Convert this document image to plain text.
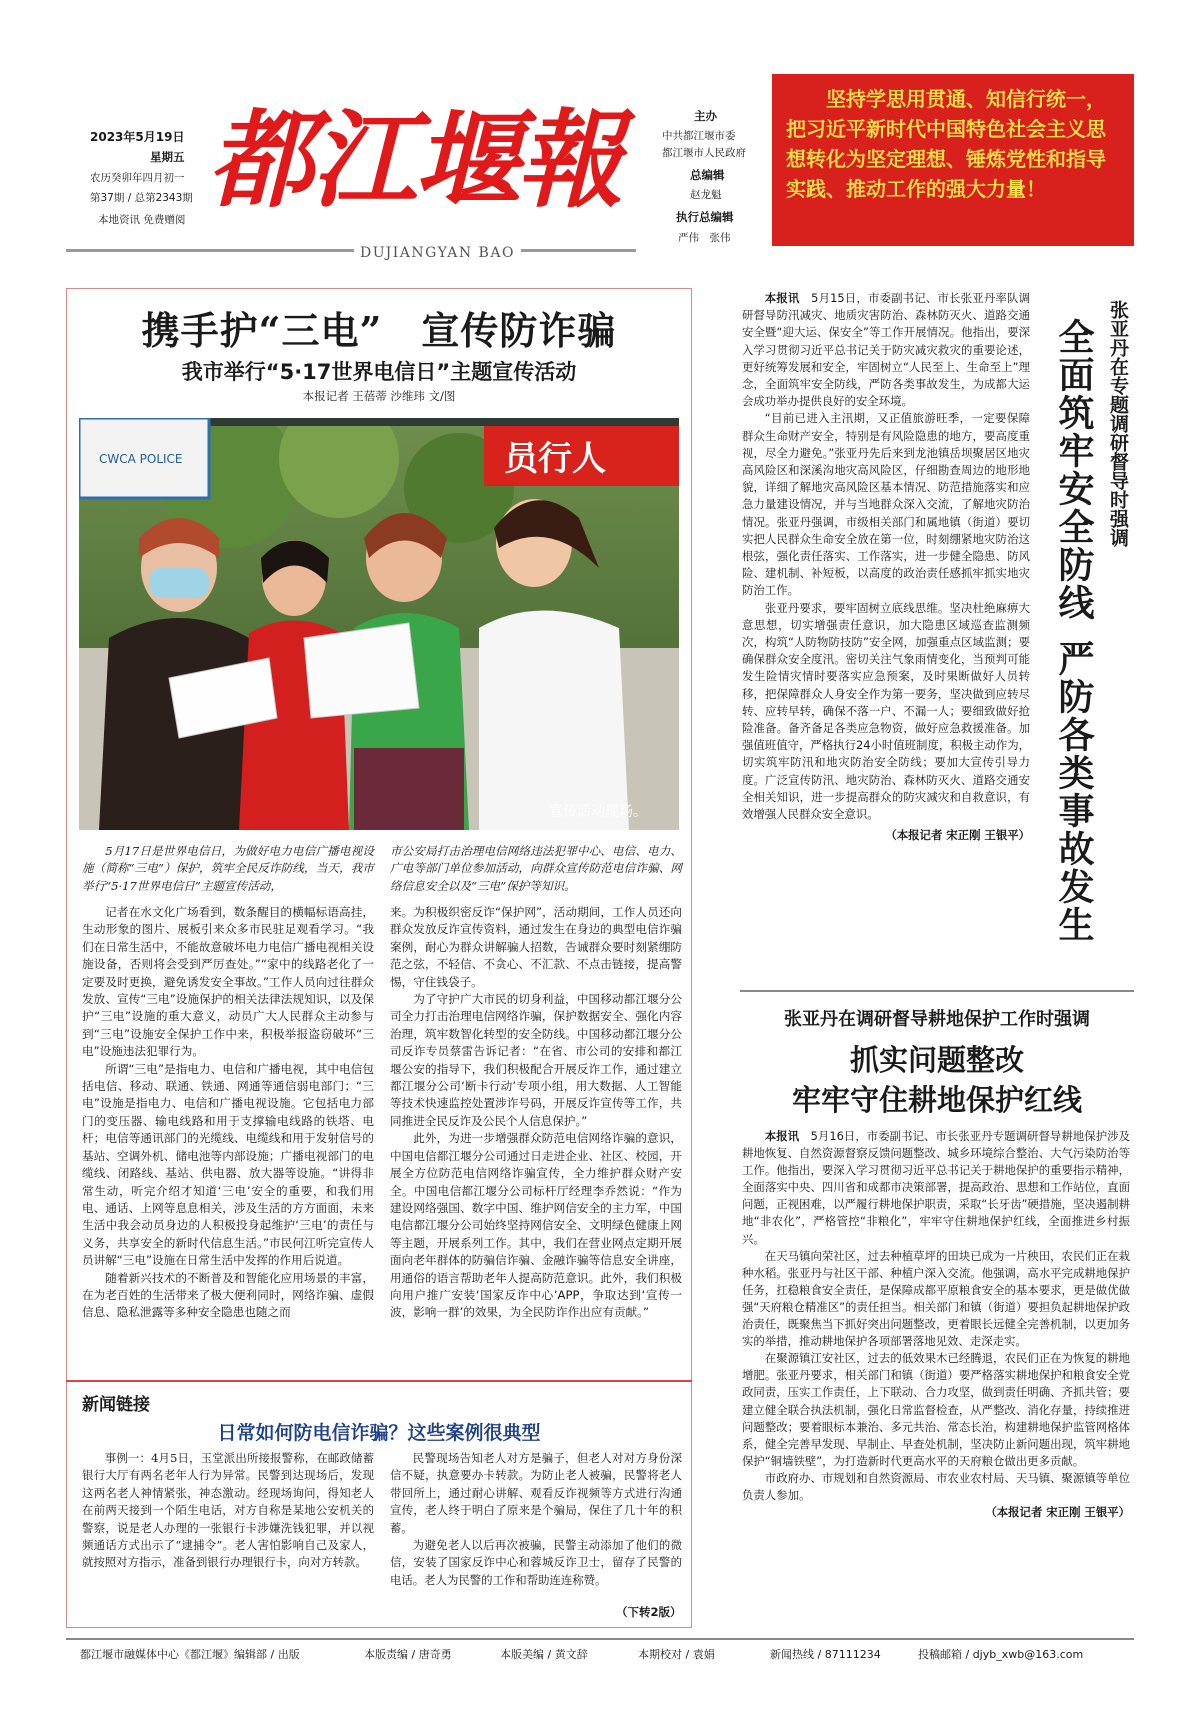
2023年5月19日
星期五
农历癸卯年四月初一
第37期 / 总第2343期
本地资讯 免费赠阅 都江堰報
DUJIANGYAN BAO
主办
中共都江堰市委
都江堰市人民政府
总编辑
赵龙魁
执行总编辑
严伟　张伟
坚持学思用贯通、知信行统一，把习近平新时代中国特色社会主义思想转化为坚定理想、锤炼党性和指导实践、推动工作的强大力量！
携手护“三电”　宣传防诈骗
我市举行“5·17世界电信日”主题宣传活动
本报记者 王蓓蒂 沙维玮 文/图
CWCA POLICE	员行人
宣传活动现场。

5月17日是世界电信日，为做好电力电信广播电视设施（简称“三电”）保护，筑牢全民反诈防线，当天，我市举行“5·17世界电信日”主题宣传活动，

市公安局打击治理电信网络违法犯罪中心、电信、电力、广电等部门单位参加活动，向群众宣传防范电信诈骗、网络信息安全以及“三电”保护等知识。

记者在水文化广场看到，数条醒目的横幅标语高挂，生动形象的图片、展板引来众多市民驻足观看学习。“我们在日常生活中，不能故意破坏电力电信广播电视相关设施设备，否则将会受到严厉查处。”“家中的线路老化了一定要及时更换，避免诱发安全事故。”工作人员向过往群众发放、宣传“三电”设施保护的相关法律法规知识，以及保护“三电”设施的重大意义，动员广大人民群众主动参与到“三电”设施安全保护工作中来，积极举报盗窃破坏“三电”设施违法犯罪行为。

所谓“三电”是指电力、电信和广播电视，其中电信包括电信、移动、联通、铁通、网通等通信弱电部门；“三电”设施是指电力、电信和广播电视设施。它包括电力部门的变压器、输电线路和用于支撑输电线路的铁塔、电杆；电信等通讯部门的光缆线、电缆线和用于发射信号的基站、空调外机、储电池等内部设施；广播电视部门的电缆线、闭路线、基站、供电器、放大器等设施。“讲得非常生动，听完介绍才知道‘三电’安全的重要，和我们用电、通话、上网等息息相关，涉及生活的方方面面，未来生活中我会动员身边的人积极投身起维护‘三电’的责任与义务，共享安全的新时代信息生活。”市民何江听完宣传人员讲解“三电”设施在日常生活中发挥的作用后说道。

随着新兴技术的不断普及和智能化应用场景的丰富，在为老百姓的生活带来了极大便利同时，网络诈骗、虚假信息、隐私泄露等多种安全隐患也随之而

来。为积极织密反诈“保护网”，活动期间，工作人员还向群众发放反诈宣传资料，通过发生在身边的典型电信诈骗案例，耐心为群众讲解骗人招数，告诫群众要时刻紧绷防范之弦，不轻信、不贪心、不汇款、不点击链接，提高警惕，守住钱袋子。

为了守护广大市民的切身利益，中国移动都江堰分公司全力打击治理电信网络诈骗，保护数据安全、强化内容治理，筑牢数智化转型的安全防线。中国移动都江堰分公司反诈专员蔡雷告诉记者：“在省、市公司的安排和都江堰公安的指导下，我们积极配合开展反诈工作，通过建立都江堰分公司‘断卡行动’专项小组，用大数据、人工智能等技术快速监控处置涉诈号码，开展反诈宣传等工作，共同推进全民反诈及公民个人信息保护。”

此外，为进一步增强群众防范电信网络诈骗的意识，中国电信都江堰分公司通过日走进企业、社区、校园，开展全方位防范电信网络诈骗宣传，全力维护群众财产安全。中国电信都江堰分公司标杆厅经理李乔然说：“作为建设网络强国、数字中国、维护网信安全的主力军，中国电信都江堰分公司始终坚持网信安全、文明绿色健康上网等主题，开展系列工作。其中，我们在营业网点定期开展面向老年群体的防骗信诈骗、金融诈骗等信息安全讲座，用通俗的语言帮助老年人提高防范意识。此外，我们积极向用户推广安装‘国家反诈中心’APP，争取达到‘宣传一波，影响一群’的效果，为全民防诈作出应有贡献。”

新闻链接
日常如何防电信诈骗？这些案例很典型

事例一：4月5日，玉堂派出所接报警称，在邮政储蓄银行大厅有两名老年人行为异常。民警到达现场后，发现这两名老人神情紧张，神态激动。经现场询问，得知老人在前两天接到一个陌生电话，对方自称是某地公安机关的警察，说是老人办理的一张银行卡涉嫌洗钱犯罪，并以视频通话方式出示了“逮捕令”。老人害怕影响自己及家人，就按照对方指示，准备到银行办理银行卡，向对方转款。

民警现场告知老人对方是骗子，但老人对对方身份深信不疑，执意要办卡转款。为防止老人被骗，民警将老人带回所上，通过耐心讲解、观看反诈视频等方式进行沟通宣传，老人终于明白了原来是个骗局，保住了几十年的积蓄。

为避免老人以后再次被骗，民警主动添加了他们的微信，安装了国家反诈中心和蓉城反诈卫士，留存了民警的电话。老人为民警的工作和帮助连连称赞。

（下转2版）

本报讯　 5月15日，市委副书记、市长张亚丹率队调研督导防汛减灾、地质灾害防治、森林防灭火、道路交通安全暨“迎大运、保安全”等工作开展情况。他指出，要深入学习贯彻习近平总书记关于防灾减灾救灾的重要论述，更好统筹发展和安全，牢固树立“人民至上、生命至上”理念，全面筑牢安全防线，严防各类事故发生，为成都大运会成功举办提供良好的安全环境。

“目前已进入主汛期，又正值旅游旺季，一定要保障群众生命财产安全，特别是有风险隐患的地方，要高度重视，尽全力避免。”张亚丹先后来到龙池镇岳坝聚居区地灾高风险区和深溪沟地灾高风险区，仔细勘查周边的地形地貌，详细了解地灾高风险区基本情况、防范措施落实和应急力量建设情况，并与当地群众深入交流，了解地灾防治情况。张亚丹强调，市级相关部门和属地镇（街道）要切实把人民群众生命安全放在第一位，时刻绷紧地灾防治这根弦，强化责任落实、工作落实，进一步健全隐患、防风险、建机制、补短板，以高度的政治责任感抓牢抓实地灾防治工作。

张亚丹要求，要牢固树立底线思维。坚决杜绝麻痹大意思想，切实增强责任意识，加大隐患区域巡查监测频次，构筑“人防物防技防”安全网，加强重点区域监测；要确保群众安全度汛。密切关注气象雨情变化，当预判可能发生险情灾情时要落实应急预案，及时果断做好人员转移，把保障群众人身安全作为第一要务，坚决做到应转尽转、应转早转，确保不落一户、不漏一人；要细致做好抢险准备。备齐备足各类应急物资，做好应急救援准备。加强值班值守，严格执行24小时值班制度，积极主动作为，切实筑牢防汛和地灾防治安全防线；要加大宣传引导力度。广泛宣传防汛、地灾防治、森林防灭火、道路交通安全相关知识，进一步提高群众的防灾减灾和自救意识，有效增强人民群众安全意识。

（本报记者 宋正刚 王银平）

张亚丹在专题调研督导时强调
全面筑牢安全防线
严防各类事故发生
张亚丹在调研督导耕地保护工作时强调
抓实问题整改
牢牢守住耕地保护红线

本报讯　 5月16日，市委副书记、市长张亚丹专题调研督导耕地保护涉及耕地恢复、自然资源督察反馈问题整改、城乡环境综合整治、大气污染防治等工作。他指出，要深入学习贯彻习近平总书记关于耕地保护的重要指示精神，全面落实中央、四川省和成都市决策部署，提高政治、思想和工作站位，直面问题，正视困难，以严履行耕地保护职责，采取“长牙齿”硬措施，坚决遏制耕地“非农化”，严格管控“非粮化”，牢牢守住耕地保护红线，全面推进乡村振兴。

在天马镇向荣社区，过去种植草坪的田块已成为一片秧田，农民们正在栽种水稻。张亚丹与社区干部、种植户深入交流。他强调，高水平完成耕地保护任务，扛稳粮食安全责任，是保障成都平原粮食安全的基本要求，更是做优做强“天府粮仓精准区”的责任担当。相关部门和镇（街道）要担负起耕地保护政治责任，既聚焦当下抓好突出问题整改，更着眼长远健全完善机制，以更加务实的举措，推动耕地保护各项部署落地见效、走深走实。

在聚源镇江安社区，过去的低效果木已经腾退，农民们正在为恢复的耕地增肥。张亚丹要求，相关部门和镇（街道）要严格落实耕地保护和粮食安全党政同责，压实工作责任，上下联动、合力攻坚，做到责任明确、齐抓共管；要建立健全联合执法机制，强化日常监督检查，从严整改、消化存量，持续推进问题整改；要着眼标本兼治、多元共治、常态长治，构建耕地保护监管网格体系，健全完善早发现、早制止、早查处机制，坚决防止新问题出现，筑牢耕地保护“铜墙铁壁”，为打造新时代更高水平的天府粮仓做出更多贡献。

市政府办、市规划和自然资源局、市农业农村局、天马镇、聚源镇等单位负责人参加。

（本报记者 宋正刚 王银平）

都江堰市融媒体中心《都江堰》编辑部 / 出版	本版责编 / 唐奇勇	本版美编 / 黄文辞	本期校对 / 袁娟	新闻热线 / 87111234	投稿邮箱 / djyb_xwb@163.com
